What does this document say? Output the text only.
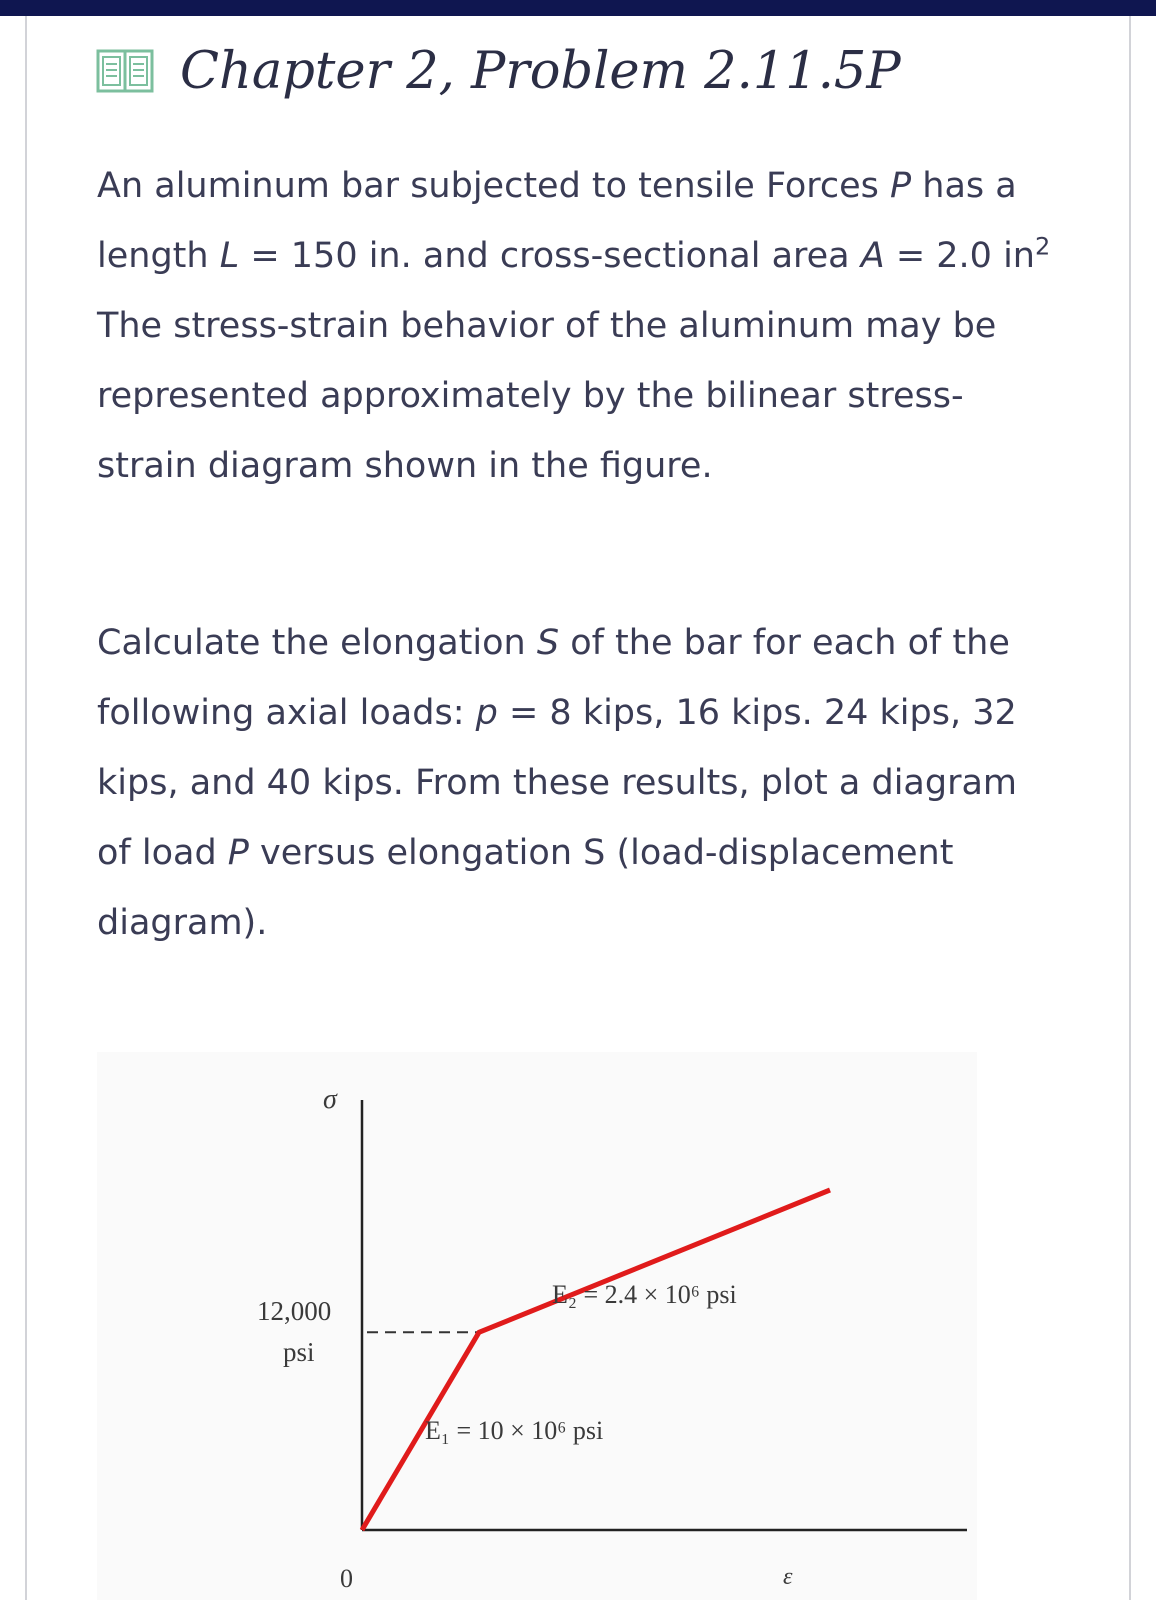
Chapter 2, Problem 2.11.5P

An aluminum bar subjected to tensile Forces P has a length L = 150 in. and cross-sectional area A = 2.0 $in^2$ The stress-strain behavior of the aluminum may be represented approximately by the bilinear stress-strain diagram shown in the figure.

Calculate the elongation S of the bar for each of the following axial loads: p = 8 kips, 16 kips. 24 kips, 32 kips, and 40 kips. From these results, plot a diagram of load P versus elongation S (load-displacement diagram).

σ
ε
0
12,000
psi
E₁ = 10 × 10⁶ psi
E₂ = 2.4 × 10⁶ psi
